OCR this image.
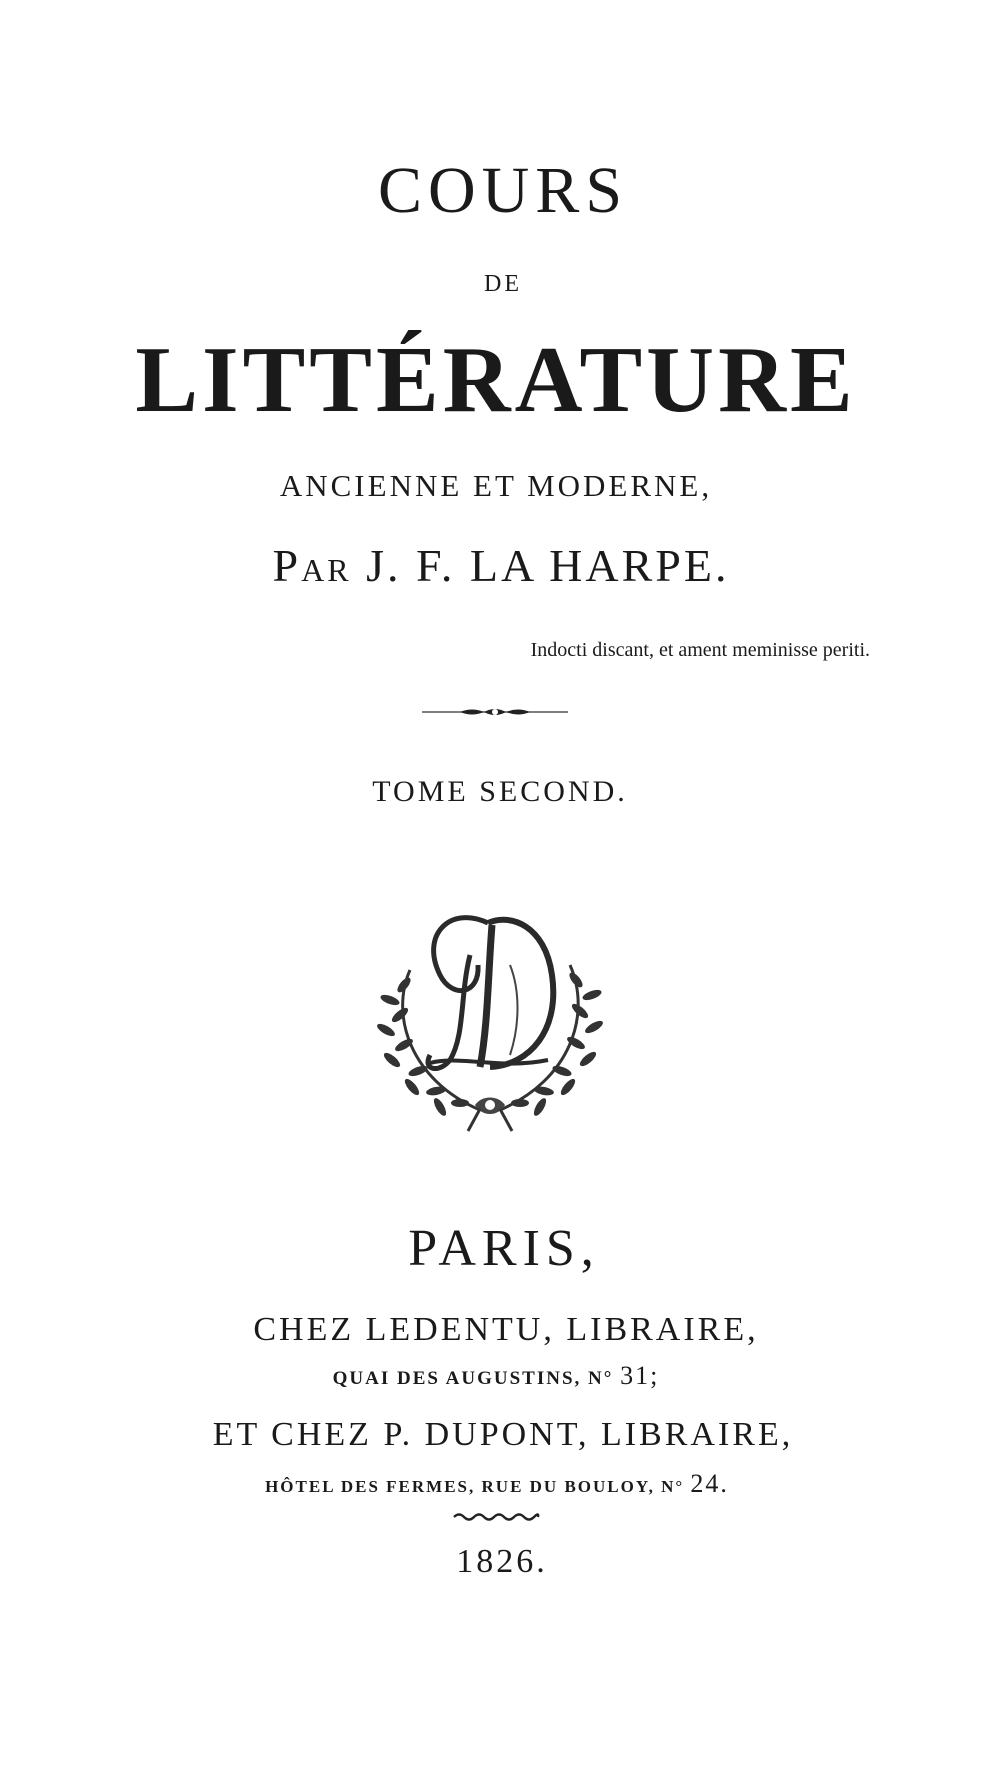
COURS
DE
LITTÉRATURE
ANCIENNE ET MODERNE,
PAR J. F. LA HARPE.
Indocti discant, et ament meminisse periti.
TOME SECOND.
PARIS,
CHEZ LEDENTU, LIBRAIRE,
QUAI DES AUGUSTINS, N° 31;
ET CHEZ P. DUPONT, LIBRAIRE,
HÔTEL DES FERMES, RUE DU BOULOY, N° 24.
1826.
